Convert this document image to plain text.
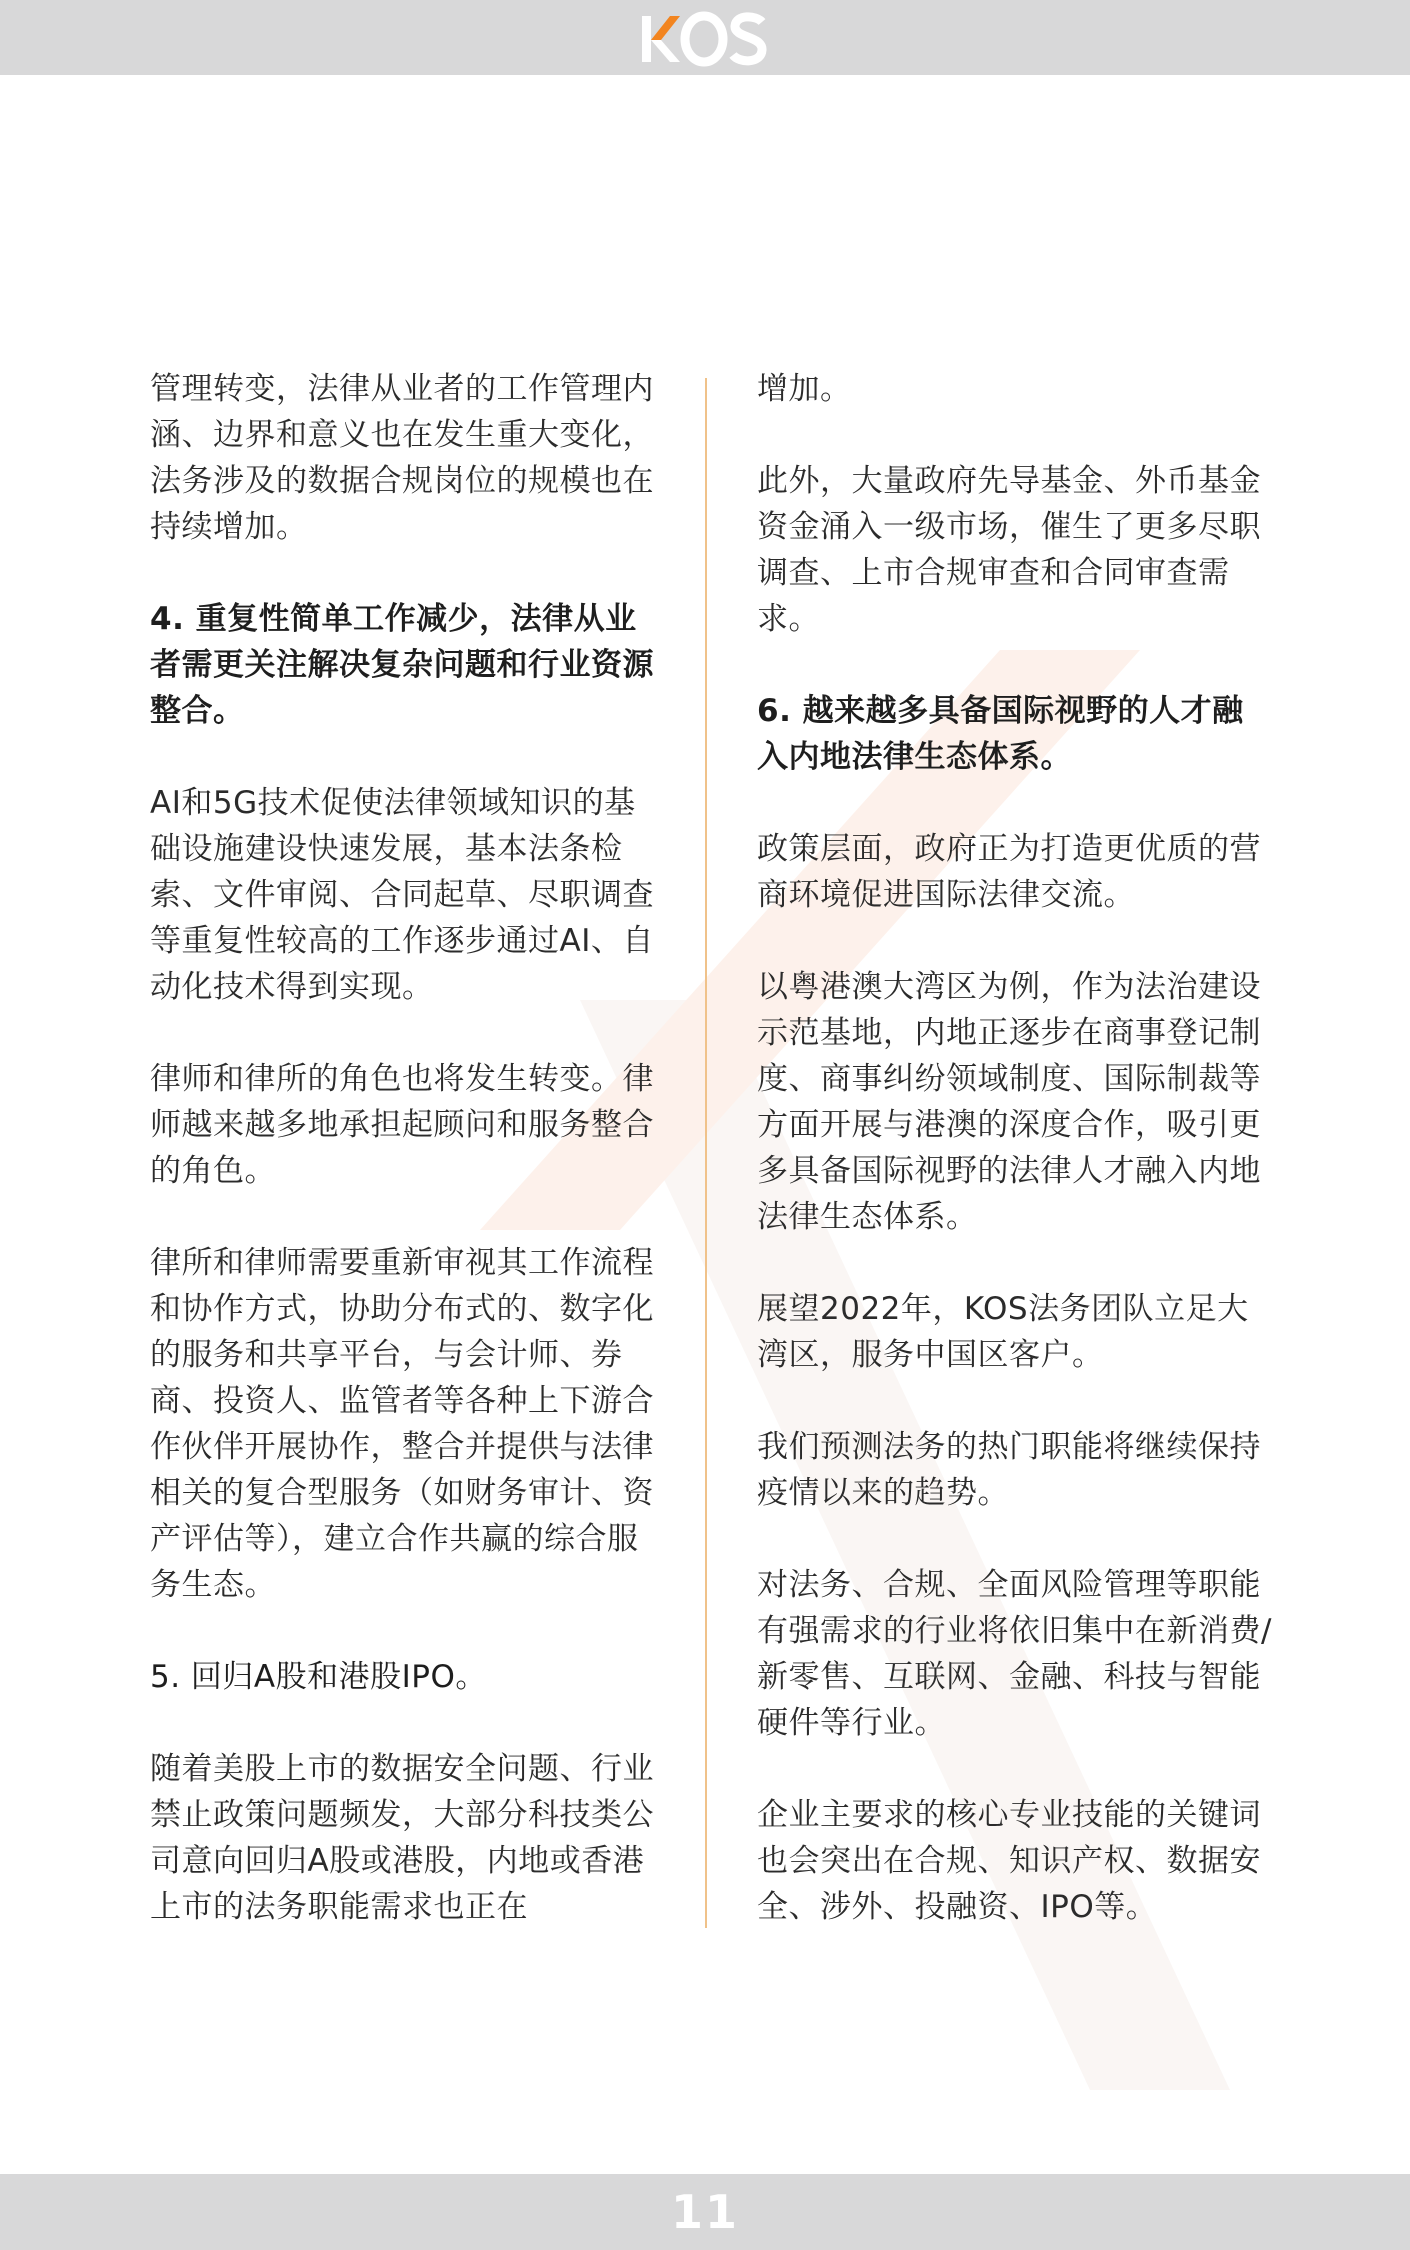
管理转变，法律从业者的工作管理内涵、边界和意义也在发生重大变化，法务涉及的数据合规岗位的规模也在持续增加。

4. 重复性简单工作减少，法律从业者需更关注解决复杂问题和行业资源整合。

AI和5G技术促使法律领域知识的基础设施建设快速发展，基本法条检索、文件审阅、合同起草、尽职调查等重复性较高的工作逐步通过AI、自动化技术得到实现。

律师和律所的角色也将发生转变。律师越来越多地承担起顾问和服务整合的角色。

律所和律师需要重新审视其工作流程和协作方式，协助分布式的、数字化的服务和共享平台，与会计师、券商、投资人、监管者等各种上下游合作伙伴开展协作，整合并提供与法律相关的复合型服务（如财务审计、资产评估等），建立合作共赢的综合服务生态。

5. 回归A股和港股IPO。

随着美股上市的数据安全问题、行业禁止政策问题频发，大部分科技类公司意向回归A股或港股，内地或香港上市的法务职能需求也正在

增加。

此外，大量政府先导基金、外币基金资金涌入一级市场，催生了更多尽职调查、上市合规审查和合同审查需求。

6. 越来越多具备国际视野的人才融入内地法律生态体系。

政策层面，政府正为打造更优质的营商环境促进国际法律交流。

以粤港澳大湾区为例，作为法治建设示范基地，内地正逐步在商事登记制度、商事纠纷领域制度、国际制裁等方面开展与港澳的深度合作，吸引更多具备国际视野的法律人才融入内地法律生态体系。

展望2022年，KOS法务团队立足大湾区，服务中国区客户。

我们预测法务的热门职能将继续保持疫情以来的趋势。

对法务、合规、全面风险管理等职能有强需求的行业将依旧集中在新消费/新零售、互联网、金融、科技与智能硬件等行业。

企业主要求的核心专业技能的关键词也会突出在合规、知识产权、数据安全、涉外、投融资、IPO等。

11
